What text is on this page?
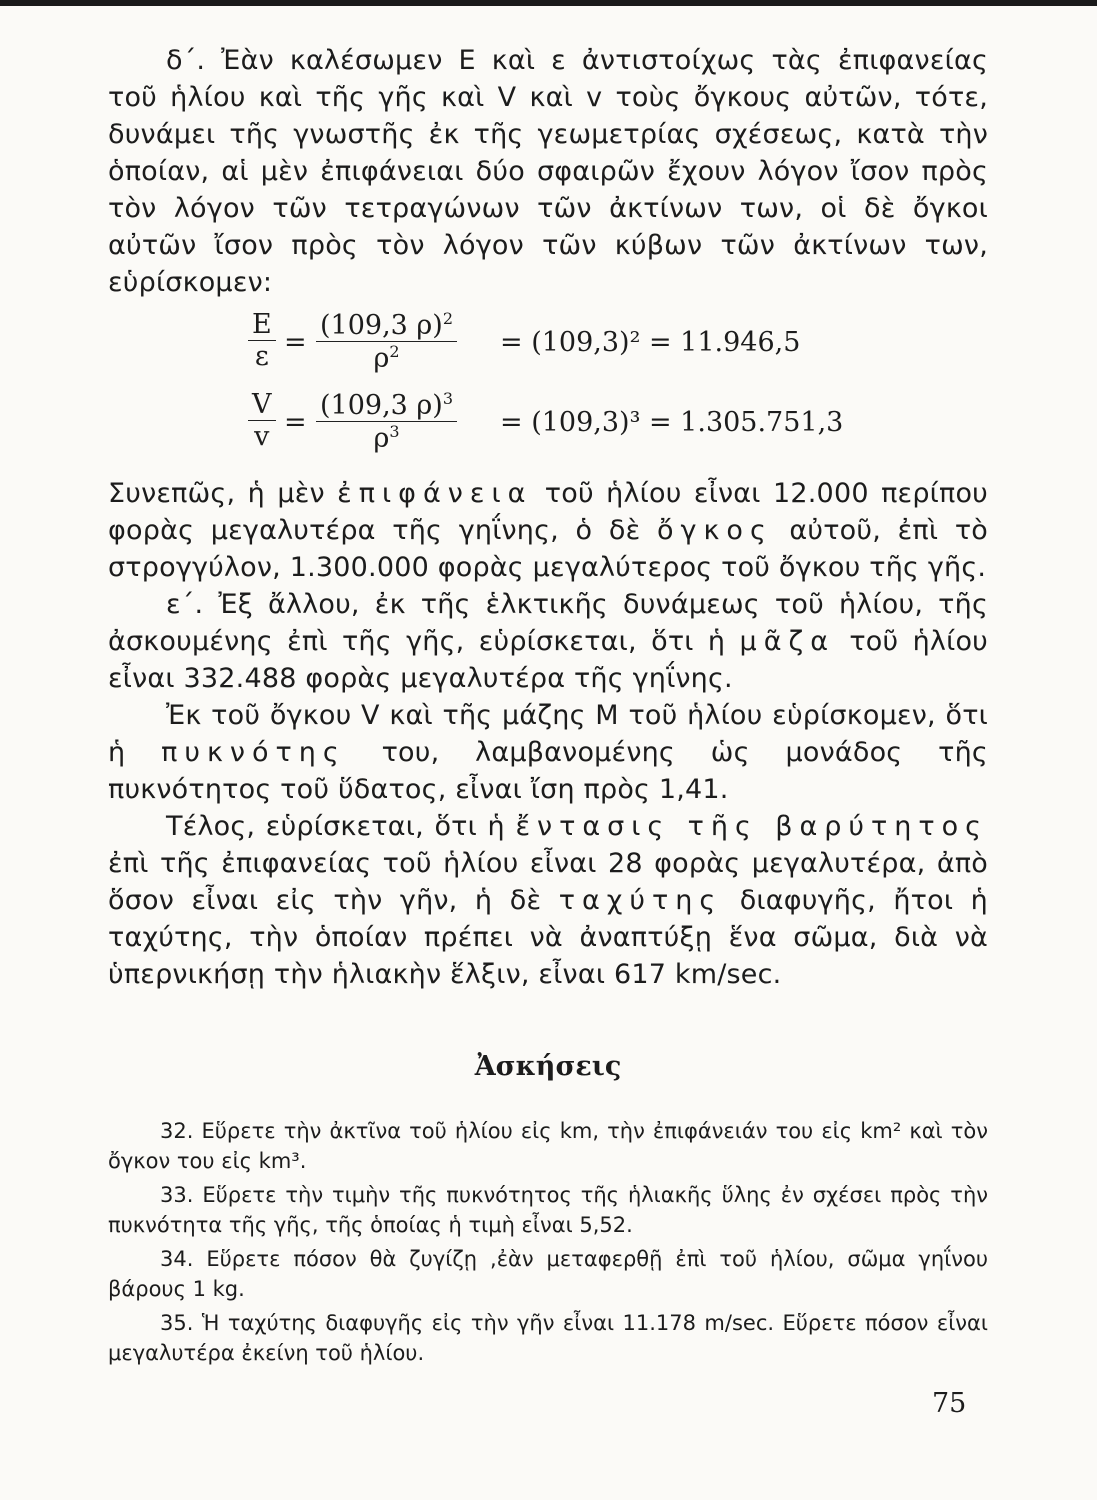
δ΄. Ἐὰν καλέσωμεν Ε καὶ ε ἀντιστοίχως τὰς ἐπιφανείας τοῦ ἡλίου καὶ τῆς γῆς καὶ V καὶ v τοὺς ὄγκους αὐτῶν, τότε, δυνάμει τῆς γνωστῆς ἐκ τῆς γεωμετρίας σχέσεως, κατὰ τὴν ὁποίαν, αἱ μὲν ἐπιφάνειαι δύο σφαιρῶν ἔχουν λόγον ἴσον πρὸς τὸν λόγον τῶν τετραγώνων τῶν ἀκτίνων των, οἱ δὲ ὄγκοι αὐτῶν ἴσον πρὸς τὸν λόγον τῶν κύβων τῶν ἀκτίνων των, εὑρίσκομεν:

$\frac{E}{\varepsilon} = \frac{(109,3 \rho)^2}{\rho^2} = (109,3)^2 = 11.946,5$
$\frac{V}{v} = \frac{(109,3 \rho)^3}{\rho^3} = (109,3)^3 = 1.305.751,3$

Συνεπῶς, ἡ μὲν ἐπιφάνεια τοῦ ἡλίου εἶναι 12.000 περίπου φορὰς μεγαλυτέρα τῆς γηΐνης, ὁ δὲ ὄγκος αὐτοῦ, ἐπὶ τὸ στρογγύλον, 1.300.000 φορὰς μεγαλύτερος τοῦ ὄγκου τῆς γῆς.

ε΄. Ἐξ ἄλλου, ἐκ τῆς ἑλκτικῆς δυνάμεως τοῦ ἡλίου, τῆς ἀσκουμένης ἐπὶ τῆς γῆς, εὑρίσκεται, ὅτι ἡ μᾶζα τοῦ ἡλίου εἶναι 332.488 φορὰς μεγαλυτέρα τῆς γηΐνης.

Ἐκ τοῦ ὄγκου V καὶ τῆς μάζης Μ τοῦ ἡλίου εὑρίσκομεν, ὅτι ἡ πυκνότης του, λαμβανομένης ὡς μονάδος τῆς πυκνότητος τοῦ ὕδατος, εἶναι ἴση πρὸς 1,41.

Τέλος, εὑρίσκεται, ὅτι ἡ ἔντασις τῆς βαρύτητος ἐπὶ τῆς ἐπιφανείας τοῦ ἡλίου εἶναι 28 φορὰς μεγαλυτέρα, ἀπὸ ὅσον εἶναι εἰς τὴν γῆν, ἡ δὲ ταχύτης διαφυγῆς, ἤτοι ἡ ταχύτης, τὴν ὁποίαν πρέπει νὰ ἀναπτύξῃ ἕνα σῶμα, διὰ νὰ ὑπερνικήσῃ τὴν ἡλιακὴν ἕλξιν, εἶναι 617 km/sec.

Ἀσκήσεις

32. Εὕρετε τὴν ἀκτῖνα τοῦ ἡλίου εἰς km, τὴν ἐπιφάνειάν του εἰς km² καὶ τὸν ὄγκον του εἰς km³.

33. Εὕρετε τὴν τιμὴν τῆς πυκνότητος τῆς ἡλιακῆς ὕλης ἐν σχέσει πρὸς τὴν πυκνότητα τῆς γῆς, τῆς ὁποίας ἡ τιμὴ εἶναι 5,52.

34. Εὕρετε πόσον θὰ ζυγίζῃ ,ἐὰν μεταφερθῇ ἐπὶ τοῦ ἡλίου, σῶμα γηΐνου βάρους 1 kg.

35. Ἡ ταχύτης διαφυγῆς εἰς τὴν γῆν εἶναι 11.178 m/sec. Εὕρετε πόσον εἶναι μεγαλυτέρα ἐκείνη τοῦ ἡλίου.

75
